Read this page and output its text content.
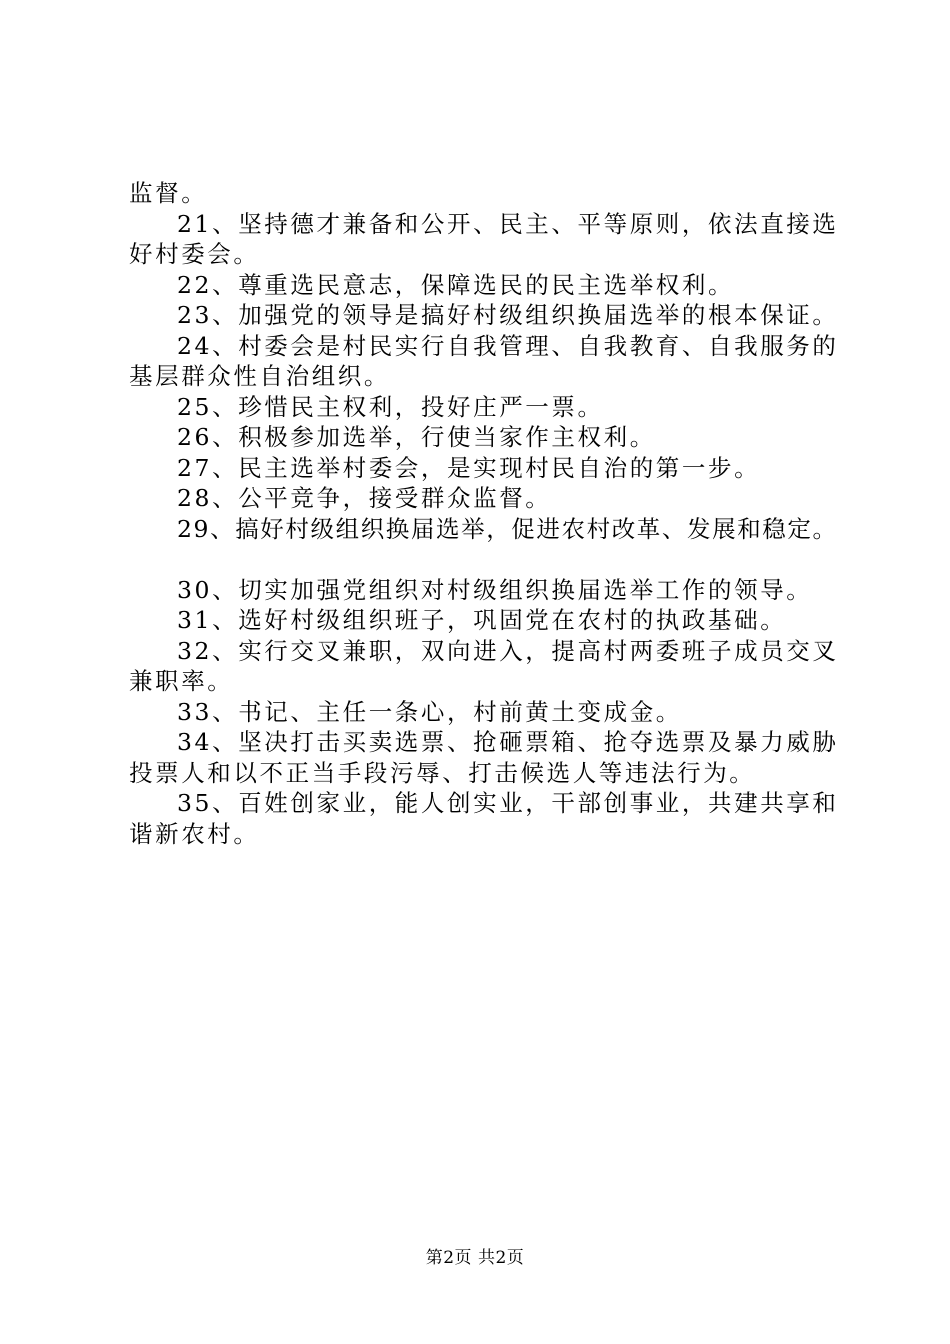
监督。
21、坚持德才兼备和公开、民主、平等原则，依法直接选
好村委会。
22、尊重选民意志，保障选民的民主选举权利。
23、加强党的领导是搞好村级组织换届选举的根本保证。
24、村委会是村民实行自我管理、自我教育、自我服务的
基层群众性自治组织。
25、珍惜民主权利，投好庄严一票。
26、积极参加选举，行使当家作主权利。
27、民主选举村委会，是实现村民自治的第一步。
28、公平竞争，接受群众监督。
29、搞好村级组织换届选举，促进农村改革、发展和稳定。
30、切实加强党组织对村级组织换届选举工作的领导。
31、选好村级组织班子，巩固党在农村的执政基础。
32、实行交叉兼职，双向进入，提高村两委班子成员交叉
兼职率。
33、书记、主任一条心，村前黄土变成金。
34、坚决打击买卖选票、抢砸票箱、抢夺选票及暴力威胁
投票人和以不正当手段污辱、打击候选人等违法行为。
35、百姓创家业，能人创实业，干部创事业，共建共享和
谐新农村。
第2页 共2页
